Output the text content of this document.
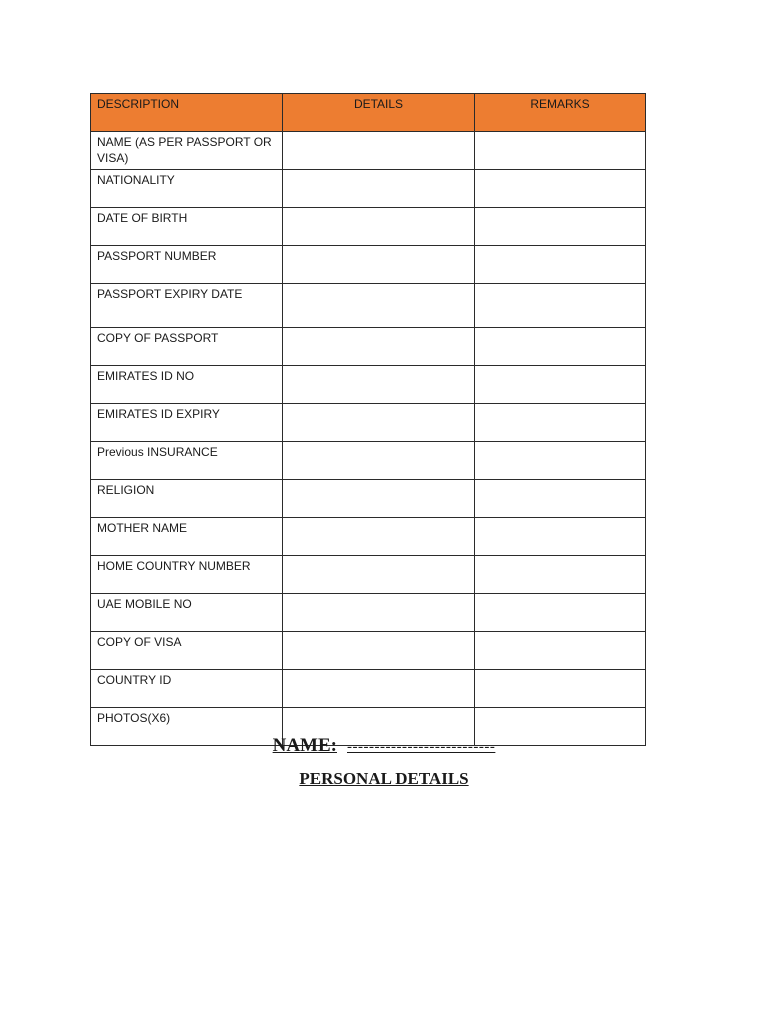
DESCRIPTION	DETAILS	REMARKS
NAME (AS PER PASSPORT OR VISA)		
NATIONALITY		
DATE OF BIRTH		
PASSPORT NUMBER		
PASSPORT EXPIRY DATE		
COPY OF PASSPORT		
EMIRATES ID NO		
EMIRATES ID EXPIRY		
Previous INSURANCE		
RELIGION		
MOTHER NAME		
HOME COUNTRY NUMBER		
UAE MOBILE NO		
COPY OF VISA		
COUNTRY ID		
PHOTOS(X6)		
NAME: ---------------------------
PERSONAL DETAILS
